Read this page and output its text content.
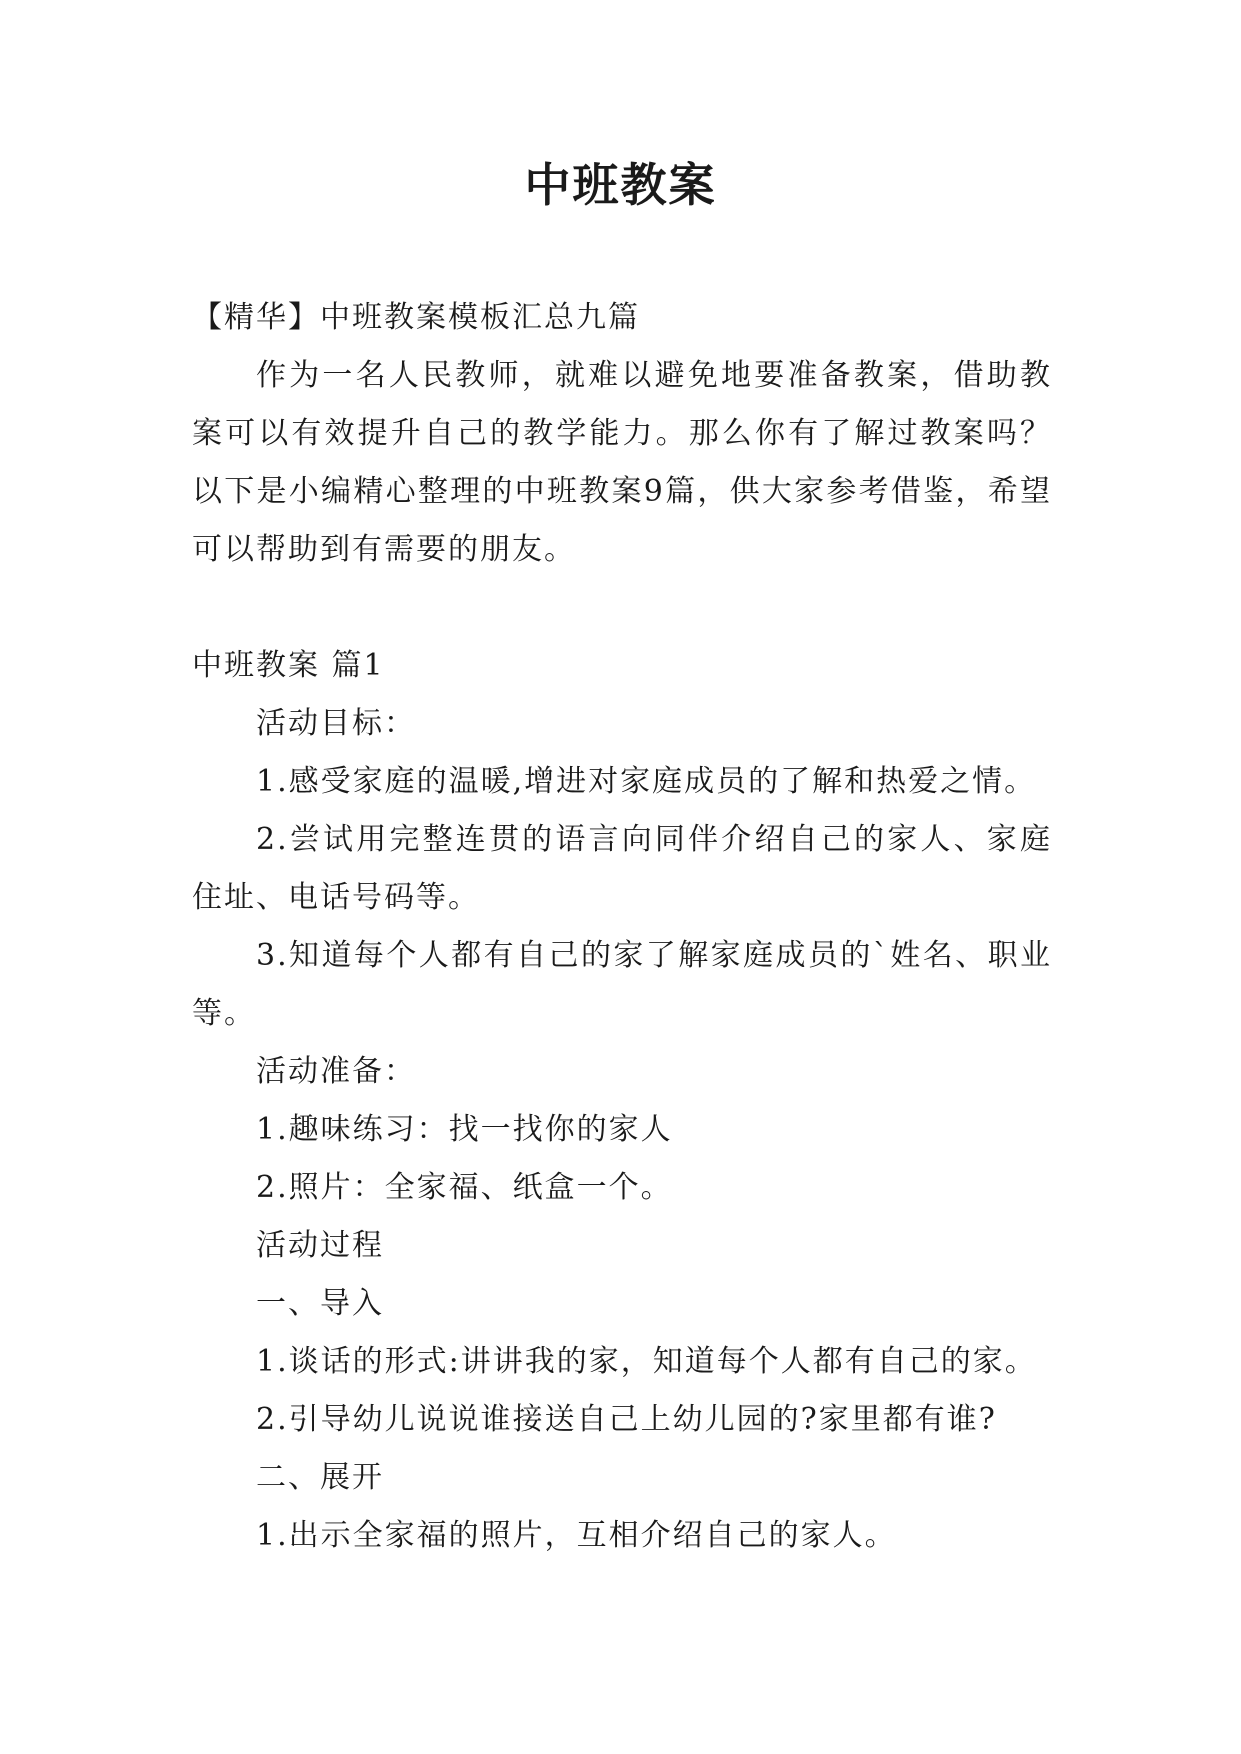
中班教案

【精华】中班教案模板汇总九篇

作为一名人民教师，就难以避免地要准备教案，借助教案可以有效提升自己的教学能力。那么你有了解过教案吗？以下是小编精心整理的中班教案9篇，供大家参考借鉴，希望可以帮助到有需要的朋友。

中班教案 篇1

活动目标：

1.感受家庭的温暖,增进对家庭成员的了解和热爱之情。

2.尝试用完整连贯的语言向同伴介绍自己的家人、家庭住址、电话号码等。

3.知道每个人都有自己的家了解家庭成员的`姓名、职业等。

活动准备：

1.趣味练习：找一找你的家人

2.照片：全家福、纸盒一个。

活动过程

一、导入

1.谈话的形式:讲讲我的家，知道每个人都有自己的家。

2.引导幼儿说说谁接送自己上幼儿园的?家里都有谁?

二、展开

1.出示全家福的照片，互相介绍自己的家人。
